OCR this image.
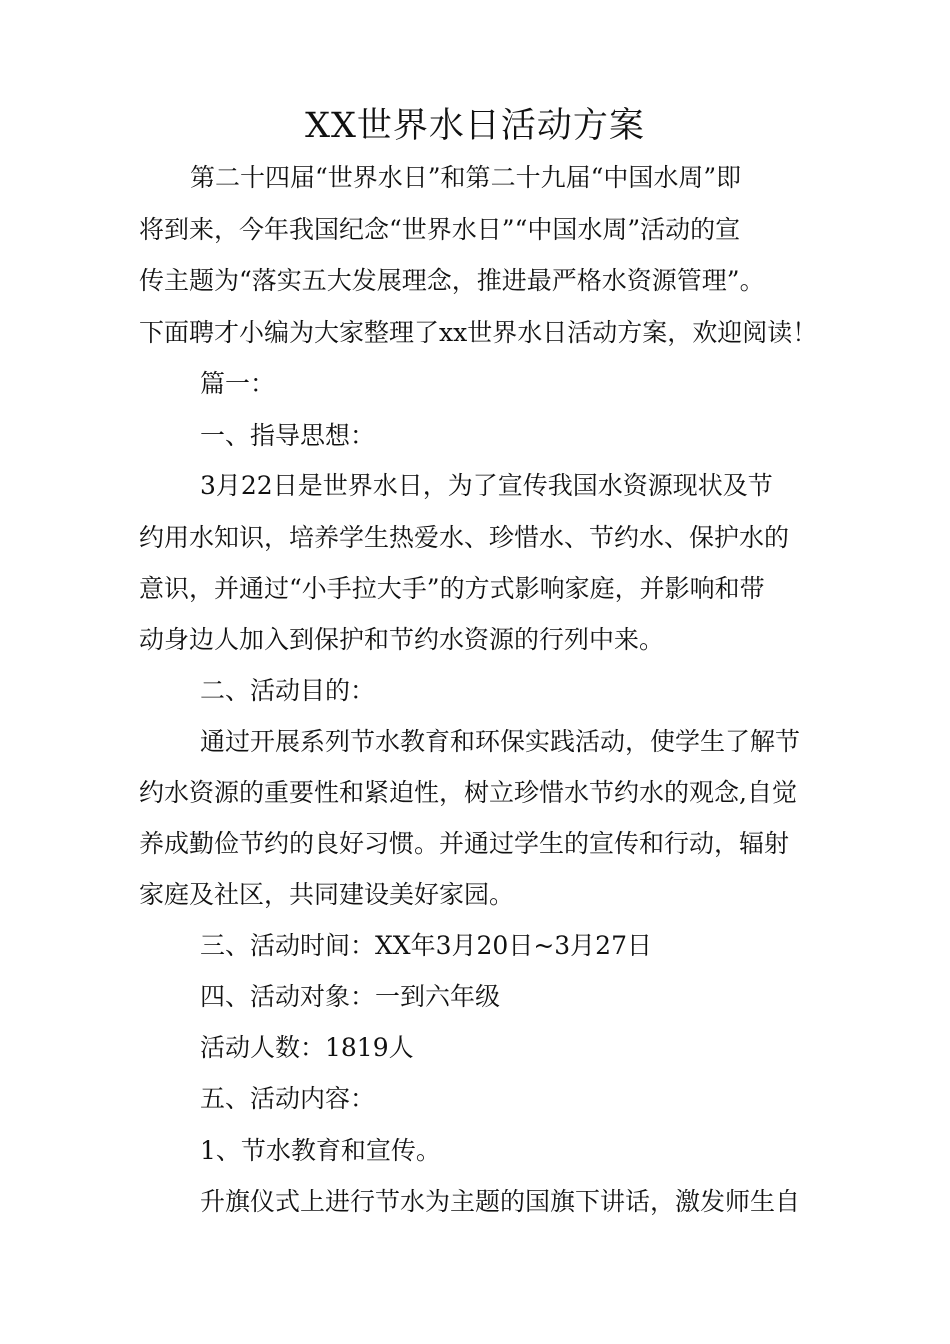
XX世界水日活动方案
第二十四届“世界水日”和第二十九届“中国水周”即
将到来，今年我国纪念“世界水日”“中国水周”活动的宣
传主题为“落实五大发展理念，推进最严格水资源管理”。
下面聘才小编为大家整理了xx世界水日活动方案，欢迎阅读！
篇一：
一、指导思想：
3月22日是世界水日，为了宣传我国水资源现状及节
约用水知识，培养学生热爱水、珍惜水、节约水、保护水的
意识，并通过“小手拉大手”的方式影响家庭，并影响和带
动身边人加入到保护和节约水资源的行列中来。
二、活动目的：
通过开展系列节水教育和环保实践活动，使学生了解节
约水资源的重要性和紧迫性，树立珍惜水节约水的观念,自觉
养成勤俭节约的良好习惯。并通过学生的宣传和行动，辐射
家庭及社区，共同建设美好家园。
三、活动时间：XX年3月20日~3月27日
四、活动对象：一到六年级
活动人数：1819人
五、活动内容：
1、节水教育和宣传。
升旗仪式上进行节水为主题的国旗下讲话，激发师生自
